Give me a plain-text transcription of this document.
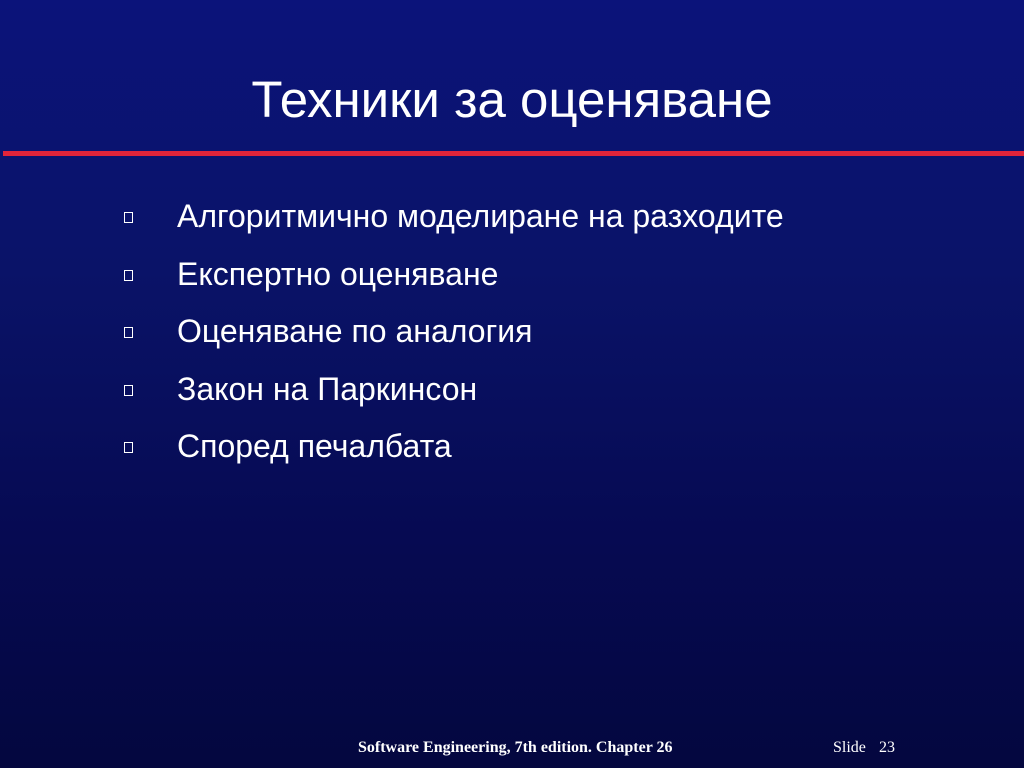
Техники за оценяване
Алгоритмично моделиране на разходите
Експертно оценяване
Оценяване по аналогия
Закон на Паркинсон
Според печалбата
Software Engineering, 7th edition. Chapter 26	Slide 23
